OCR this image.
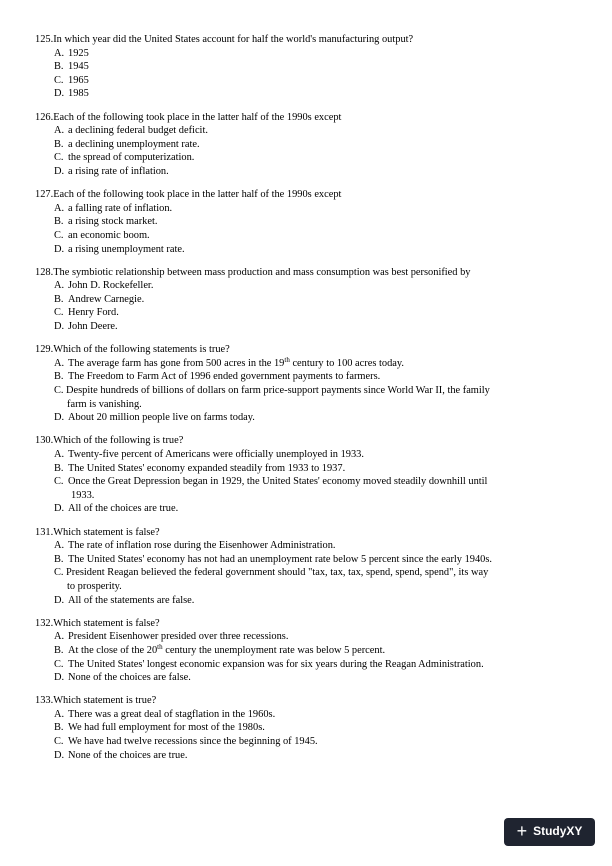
125.In which year did the United States account for half the world's manufacturing output?
A. 1925
B. 1945
C. 1965
D. 1985
126.Each of the following took place in the latter half of the 1990s except
A. a declining federal budget deficit.
B. a declining unemployment rate.
C. the spread of computerization.
D. a rising rate of inflation.
127.Each of the following took place in the latter half of the 1990s except
A. a falling rate of inflation.
B. a rising stock market.
C. an economic boom.
D. a rising unemployment rate.
128.The symbiotic relationship between mass production and mass consumption was best personified by
A. John D. Rockefeller.
B. Andrew Carnegie.
C. Henry Ford.
D. John Deere.
129.Which of the following statements is true?
A. The average farm has gone from 500 acres in the 19th century to 100 acres today.
B. The Freedom to Farm Act of 1996 ended government payments to farmers.
C. Despite hundreds of billions of dollars on farm price-support payments since World War II, the family
farm is vanishing.
D. About 20 million people live on farms today.
130.Which of the following is true?
A. Twenty-five percent of Americans were officially unemployed in 1933.
B. The United States' economy expanded steadily from 1933 to 1937.
C. Once the Great Depression began in 1929, the United States' economy moved steadily downhill until
1933.
D. All of the choices are true.
131.Which statement is false?
A. The rate of inflation rose during the Eisenhower Administration.
B. The United States' economy has not had an unemployment rate below 5 percent since the early 1940s.
C. President Reagan believed the federal government should "tax, tax, tax, spend, spend, spend", its way
to prosperity.
D. All of the statements are false.
132.Which statement is false?
A. President Eisenhower presided over three recessions.
B. At the close of the 20th century the unemployment rate was below 5 percent.
C. The United States' longest economic expansion was for six years during the Reagan Administration.
D. None of the choices are false.
133.Which statement is true?
A. There was a great deal of stagflation in the 1960s.
B. We had full employment for most of the 1980s.
C. We have had twelve recessions since the beginning of 1945.
D. None of the choices are true.
+ StudyXY
